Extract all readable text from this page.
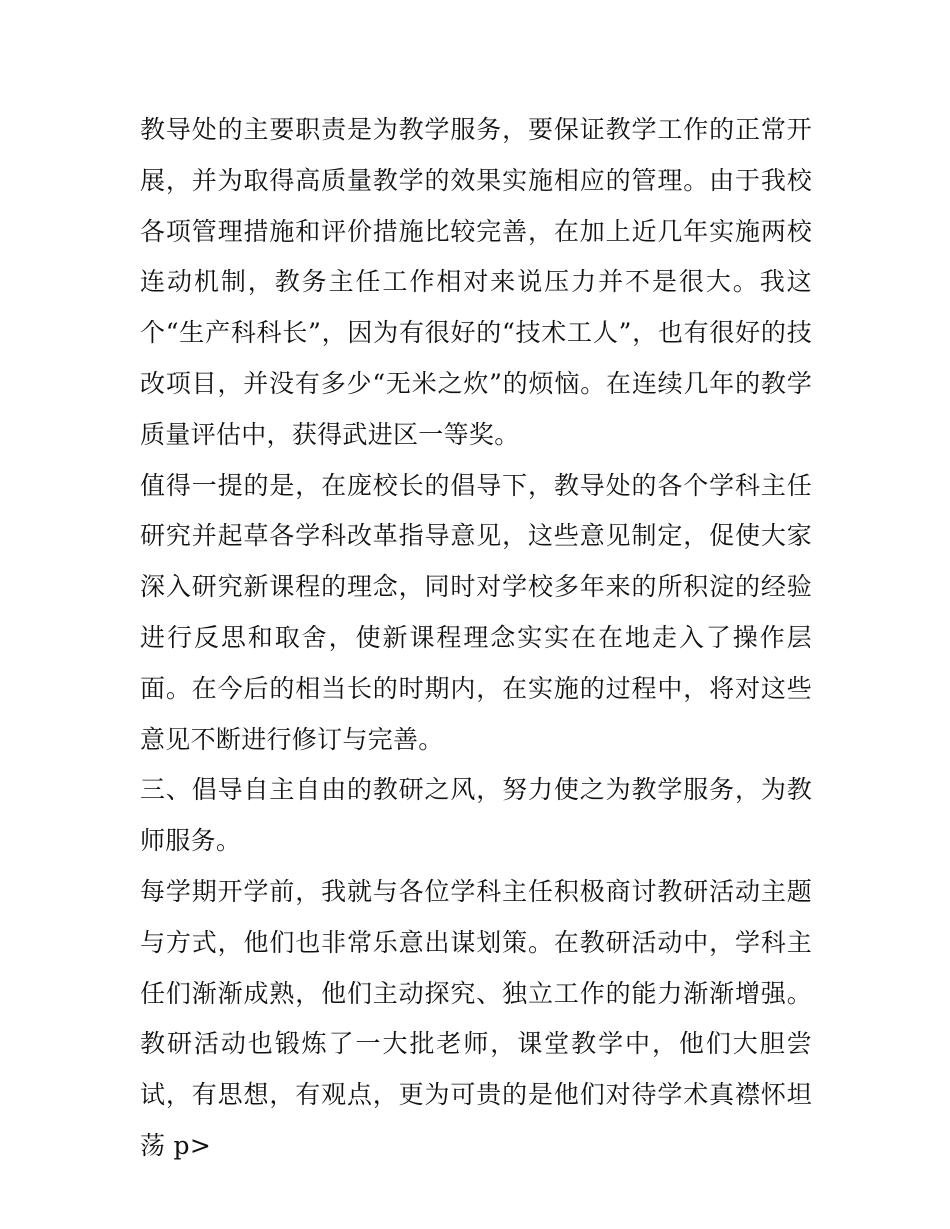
教导处的主要职责是为教学服务，要保证教学工作的正常开展，并为取得高质量教学的效果实施相应的管理。由于我校各项管理措施和评价措施比较完善，在加上近几年实施两校连动机制，教务主任工作相对来说压力并不是很大。我这个“生产科科长”，因为有很好的“技术工人”，也有很好的技改项目，并没有多少“无米之炊”的烦恼。在连续几年的教学质量评估中，获得武进区一等奖。

值得一提的是，在庞校长的倡导下，教导处的各个学科主任研究并起草各学科改革指导意见，这些意见制定，促使大家深入研究新课程的理念，同时对学校多年来的所积淀的经验进行反思和取舍，使新课程理念实实在在地走入了操作层面。在今后的相当长的时期内，在实施的过程中，将对这些意见不断进行修订与完善。

三、倡导自主自由的教研之风，努力使之为教学服务，为教师服务。

每学期开学前，我就与各位学科主任积极商讨教研活动主题与方式，他们也非常乐意出谋划策。在教研活动中，学科主任们渐渐成熟，他们主动探究、独立工作的能力渐渐增强。教研活动也锻炼了一大批老师，课堂教学中，他们大胆尝试，有思想，有观点，更为可贵的是他们对待学术真襟怀坦荡 p>
